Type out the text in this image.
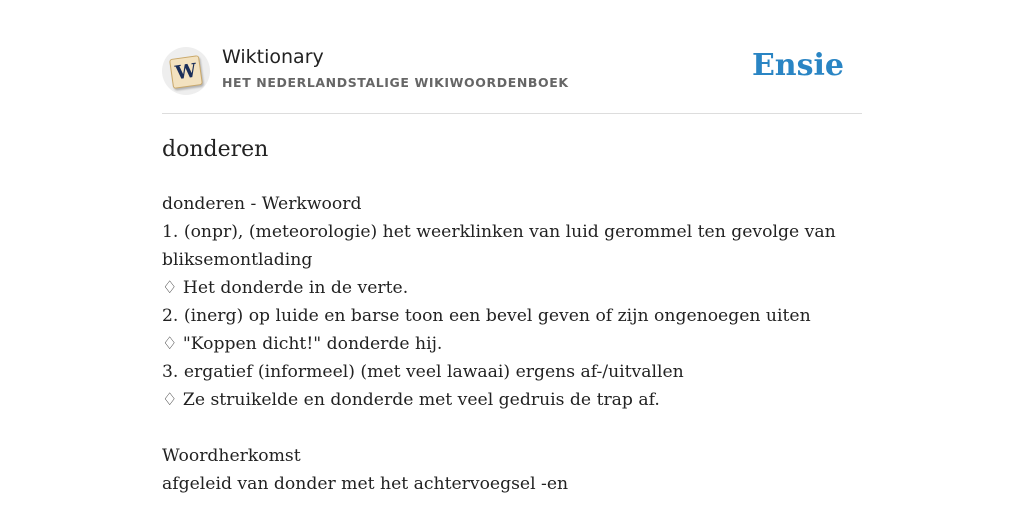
W
Wiktionary
HET NEDERLANDSTALIGE WIKIWOORDENBOEK	Ensie
donderen
donderen - Werkwoord
1. (onpr), (meteorologie) het weerklinken van luid gerommel ten gevolge van bliksemontlading
♢ Het donderde in de verte.
2. (inerg) op luide en barse toon een bevel geven of zijn ongenoegen uiten
♢ "Koppen dicht!" donderde hij.
3. ergatief (informeel) (met veel lawaai) ergens af-/uitvallen
♢ Ze struikelde en donderde met veel gedruis de trap af.
Woordherkomst
afgeleid van donder met het achtervoegsel -en
